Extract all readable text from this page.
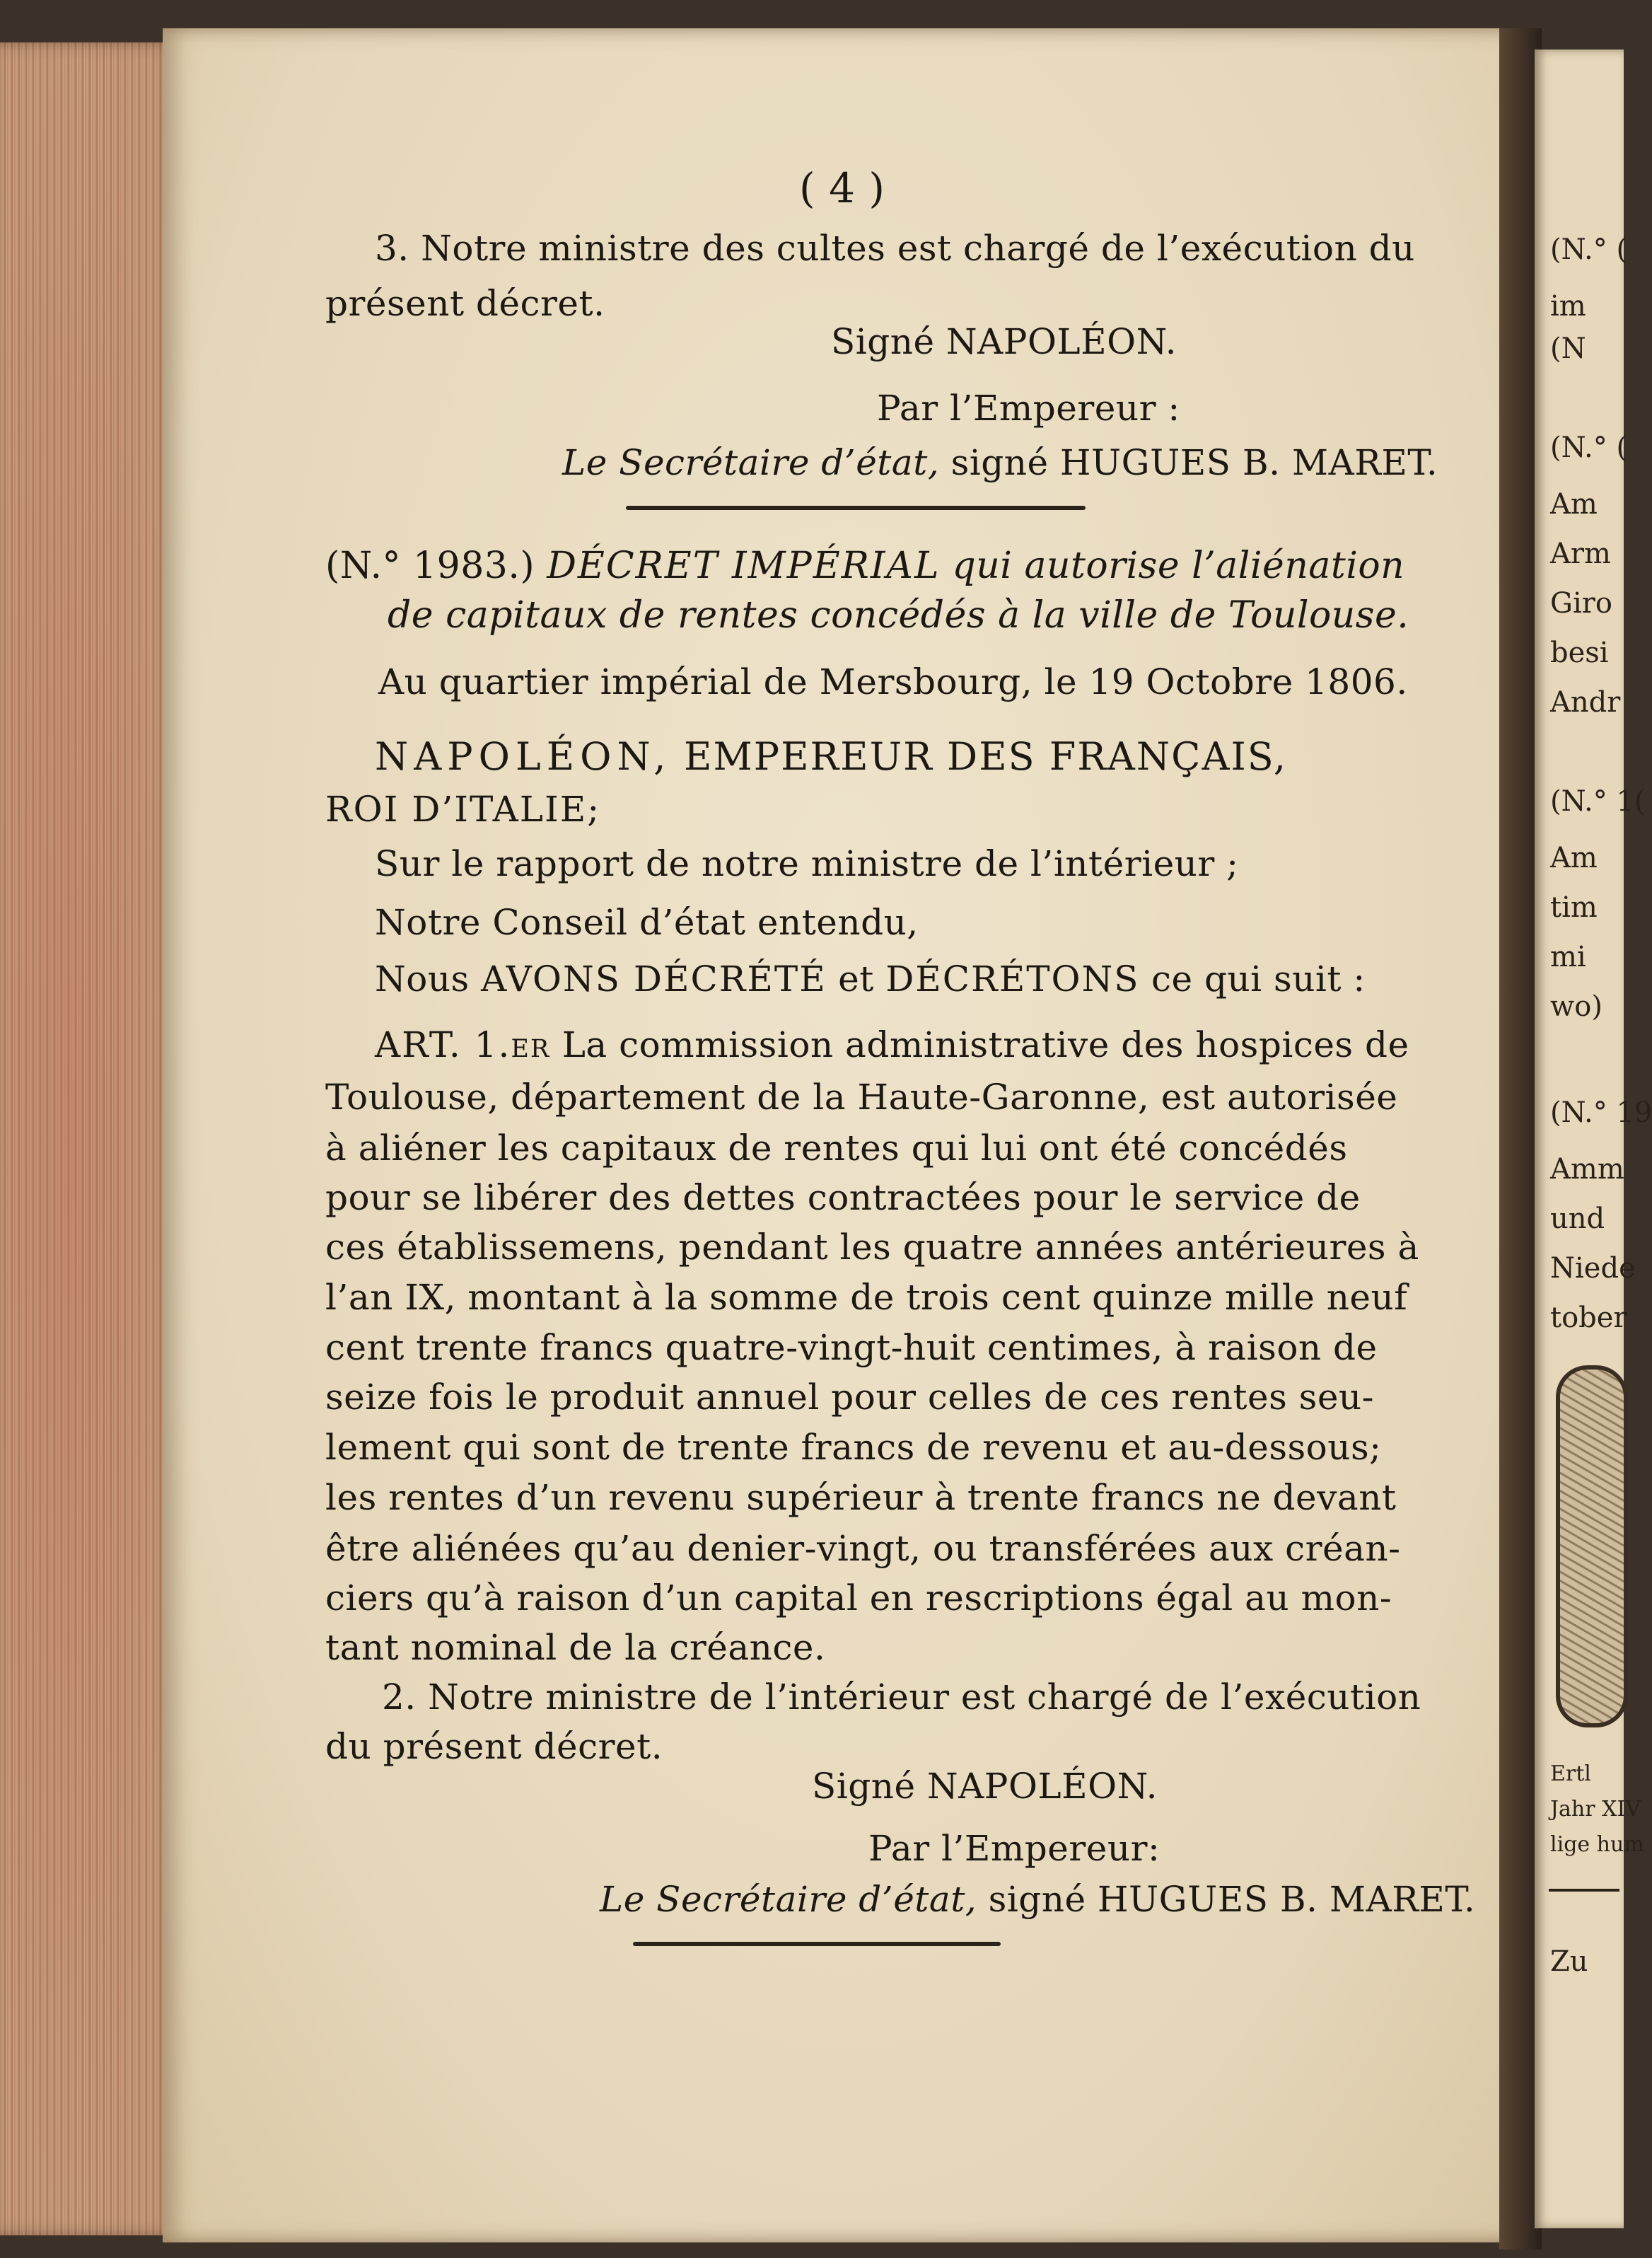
(N.° (
im
(N
(N.° (
Am
Arm
Giro
besi
Andr
(N.° 1(
Am
tim
mi
wo)
(N.° 19
Amm
und
Niede
tober
Ertl
Jahr XIV
lige hum
Zu
( 4 )
3. Notre ministre des cultes est chargé de l’exécution du
présent décret.
Signé NAPOLÉON.
Par l’Empereur :
Le Secrétaire d’état, signé HUGUES B. MARET.
(N.° 1983.) DÉCRET IMPÉRIAL qui autorise l’aliénation
de capitaux de rentes concédés à la ville de Toulouse.
Au quartier impérial de Mersbourg, le 19 Octobre 1806.
NAPOLÉON, EMPEREUR DES FRANÇAIS,
ROI D’ITALIE;
Sur le rapport de notre ministre de l’intérieur ;
Notre Conseil d’état entendu,
Nous AVONS DÉCRÉTÉ et DÉCRÉTONS ce qui suit :
ART. 1.er La commission administrative des hospices de
Toulouse, département de la Haute-Garonne, est autorisée
à aliéner les capitaux de rentes qui lui ont été concédés
pour se libérer des dettes contractées pour le service de
ces établissemens, pendant les quatre années antérieures à
l’an IX, montant à la somme de trois cent quinze mille neuf
cent trente francs quatre-vingt-huit centimes, à raison de
seize fois le produit annuel pour celles de ces rentes seu-
lement qui sont de trente francs de revenu et au-dessous;
les rentes d’un revenu supérieur à trente francs ne devant
être aliénées qu’au denier-vingt, ou transférées aux créan-
ciers qu’à raison d’un capital en rescriptions égal au mon-
tant nominal de la créance.
2. Notre ministre de l’intérieur est chargé de l’exécution
du présent décret.
Signé NAPOLÉON.
Par l’Empereur:
Le Secrétaire d’état, signé HUGUES B. MARET.
